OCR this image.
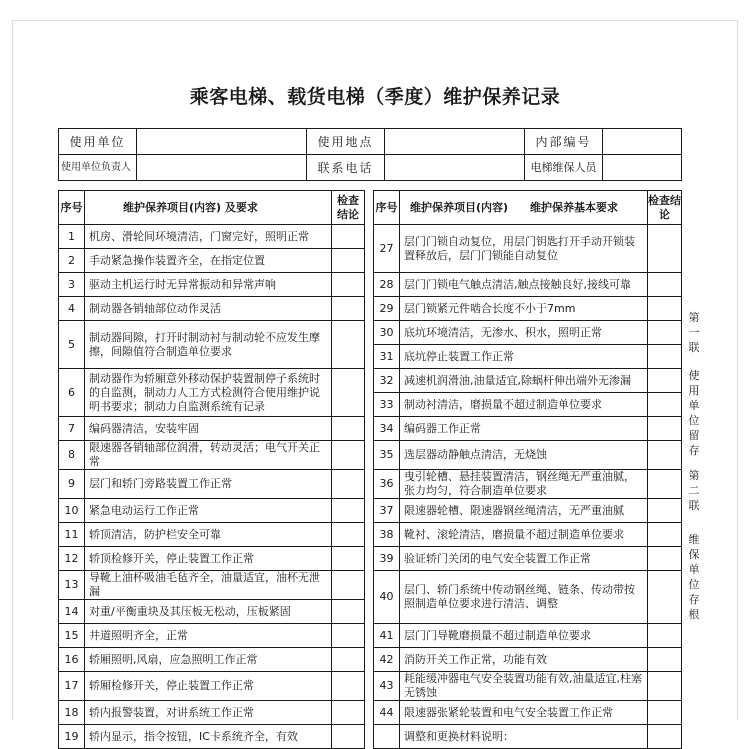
乘客电梯、载货电梯（季度）维护保养记录
使用单位		使用地点		内部编号	
使用单位负责人		联系电话		电梯维保人员	
序号	维护保养项目(内容) 及要求	检查结论		序号	维护保养项目(内容)　　维护保养基本要求	检查结论
1	机房、滑轮间环境清洁，门窗完好，照明正常			27	层门门锁自动复位，用层门钥匙打开手动开锁装置释放后，层门门锁能自动复位	
2	手动紧急操作装置齐全，在指定位置					
3	驱动主机运行时无异常振动和异常声响			28	层门门锁电气触点清洁,触点接触良好,接线可靠	
4	制动器各销轴部位动作灵活			29	层门锁紧元件啮合长度不小于7mm	
5	制动器间隙，打开时制动衬与制动轮不应发生摩擦，间隙值符合制造单位要求			30	底坑环境清洁，无渗水、积水，照明正常	
				31	底坑停止装置工作正常	
6	制动器作为轿厢意外移动保护装置制停子系统时的自监测，制动力人工方式检测符合使用维护说明书要求；制动力自监测系统有记录			32	减速机润滑油,油量适宜,除蜗杆伸出端外无渗漏	
				33	制动衬清洁，磨损量不超过制造单位要求	
7	编码器清洁，安装牢固			34	编码器工作正常	
8	限速器各销轴部位润滑，转动灵活；电气开关正常			35	选层器动静触点清洁，无烧蚀	
9	层门和轿门旁路装置工作正常			36	曳引轮槽、悬挂装置清洁，钢丝绳无严重油腻，张力均匀，符合制造单位要求	
10	紧急电动运行工作正常			37	限速器轮槽、限速器钢丝绳清洁，无严重油腻	
11	轿顶清洁，防护栏安全可靠			38	靴衬、滚轮清洁，磨损量不超过制造单位要求	
12	轿顶检修开关，停止装置工作正常			39	验证轿门关闭的电气安全装置工作正常	
13	导靴上油杯吸油毛毡齐全，油量适宜，油杯无泄漏			40	层门、轿门系统中传动钢丝绳、链条、传动带按照制造单位要求进行清洁、调整	
14	对重/平衡重块及其压板无松动，压板紧固					
15	井道照明齐全，正常			41	层门门导靴磨损量不超过制造单位要求	
16	轿厢照明,风扇，应急照明工作正常			42	消防开关工作正常，功能有效	
17	轿厢检修开关，停止装置工作正常			43	耗能缓冲器电气安全装置功能有效,油量适宜,柱塞无锈蚀	
18	轿内报警装置，对讲系统工作正常			44	限速器张紧轮装置和电气安全装置工作正常	
19	轿内显示，指令按钮，IC卡系统齐全，有效				调整和更换材料说明：	
第一联
使用单位留存
第二联
维保单位存根
